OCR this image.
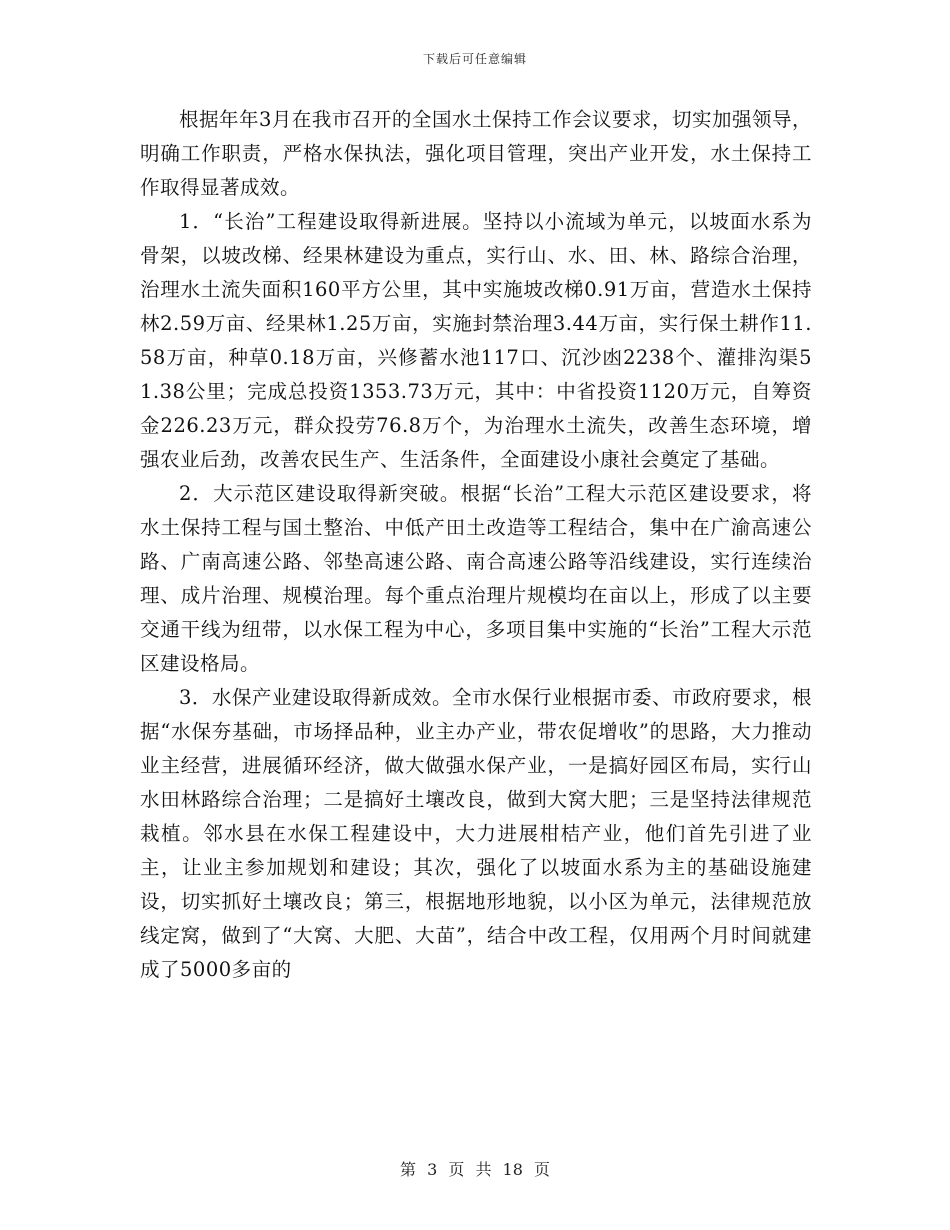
下载后可任意编辑

根据年年3月在我市召开的全国水土保持工作会议要求，切实加强领导，明确工作职责，严格水保执法，强化项目管理，突出产业开发，水土保持工作取得显著成效。

1．“长治”工程建设取得新进展。坚持以小流域为单元，以坡面水系为骨架，以坡改梯、经果林建设为重点，实行山、水、田、林、路综合治理，治理水土流失面积160平方公里，其中实施坡改梯0.91万亩，营造水土保持林2.59万亩、经果林1.25万亩，实施封禁治理3.44万亩，实行保土耕作11.58万亩，种草0.18万亩，兴修蓄水池117口、沉沙凼2238个、灌排沟渠51.38公里；完成总投资1353.73万元，其中：中省投资1120万元，自筹资金226.23万元，群众投劳76.8万个，为治理水土流失，改善生态环境，增强农业后劲，改善农民生产、生活条件，全面建设小康社会奠定了基础。

2．大示范区建设取得新突破。根据“长治”工程大示范区建设要求，将水土保持工程与国土整治、中低产田土改造等工程结合，集中在广渝高速公路、广南高速公路、邻垫高速公路、南合高速公路等沿线建设，实行连续治理、成片治理、规模治理。每个重点治理片规模均在亩以上，形成了以主要交通干线为纽带，以水保工程为中心，多项目集中实施的“长治”工程大示范区建设格局。

3．水保产业建设取得新成效。全市水保行业根据市委、市政府要求，根据“水保夯基础，市场择品种，业主办产业，带农促增收”的思路，大力推动业主经营，进展循环经济，做大做强水保产业，一是搞好园区布局，实行山水田林路综合治理；二是搞好土壤改良，做到大窝大肥；三是坚持法律规范栽植。邻水县在水保工程建设中，大力进展柑桔产业，他们首先引进了业主，让业主参加规划和建设；其次，强化了以坡面水系为主的基础设施建设，切实抓好土壤改良；第三，根据地形地貌，以小区为单元，法律规范放线定窝，做到了“大窝、大肥、大苗”，结合中改工程，仅用两个月时间就建成了5000多亩的

第 3 页 共 18 页
